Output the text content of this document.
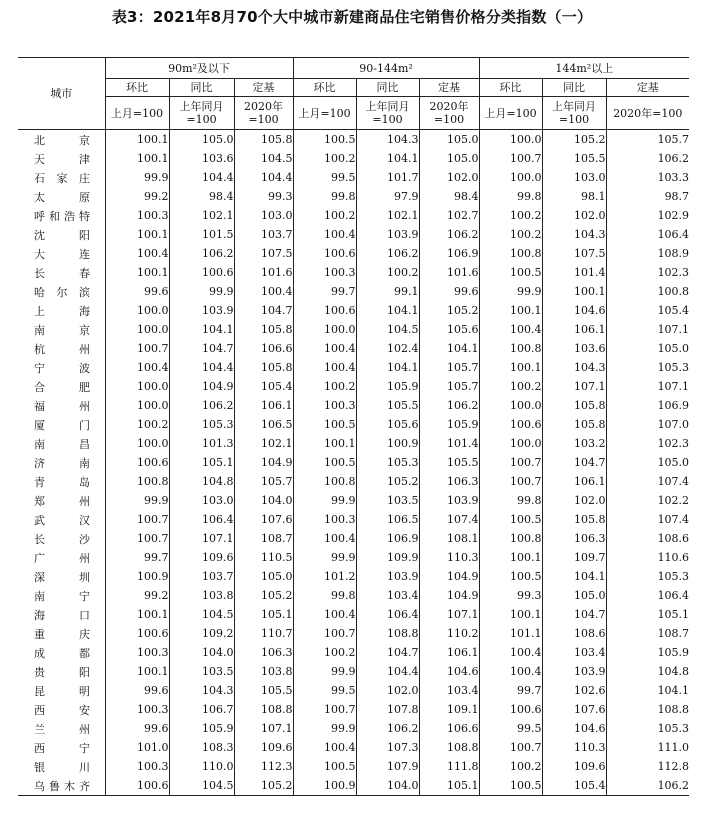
表3：2021年8月70个大中城市新建商品住宅销售价格分类指数（一）
城市	90m²及以下			90-144m²			144m²以上		
	环比	同比	定基	环比	同比	定基	环比	同比	定基
	上月=100	上年同月=100	2020年=100	上月=100	上年同月=100	2020年=100	上月=100	上年同月=100	2020年=100
北京	100.1	105.0	105.8	100.5	104.3	105.0	100.0	105.2	105.7
天津	100.1	103.6	104.5	100.2	104.1	105.0	100.7	105.5	106.2
石家庄	99.9	104.4	104.4	99.5	101.7	102.0	100.0	103.0	103.3
太原	99.2	98.4	99.3	99.8	97.9	98.4	99.8	98.1	98.7
呼和浩特	100.3	102.1	103.0	100.2	102.1	102.7	100.2	102.0	102.9
沈阳	100.1	101.5	103.7	100.4	103.9	106.2	100.2	104.3	106.4
大连	100.4	106.2	107.5	100.6	106.2	106.9	100.8	107.5	108.9
长春	100.1	100.6	101.6	100.3	100.2	101.6	100.5	101.4	102.3
哈尔滨	99.6	99.9	100.4	99.7	99.1	99.6	99.9	100.1	100.8
上海	100.0	103.9	104.7	100.6	104.1	105.2	100.1	104.6	105.4
南京	100.0	104.1	105.8	100.0	104.5	105.6	100.4	106.1	107.1
杭州	100.7	104.7	106.6	100.4	102.4	104.1	100.8	103.6	105.0
宁波	100.4	104.4	105.8	100.4	104.1	105.7	100.1	104.3	105.3
合肥	100.0	104.9	105.4	100.2	105.9	105.7	100.2	107.1	107.1
福州	100.0	106.2	106.1	100.3	105.5	106.2	100.0	105.8	106.9
厦门	100.2	105.3	106.5	100.5	105.6	105.9	100.6	105.8	107.0
南昌	100.0	101.3	102.1	100.1	100.9	101.4	100.0	103.2	102.3
济南	100.6	105.1	104.9	100.5	105.3	105.5	100.7	104.7	105.0
青岛	100.8	104.8	105.7	100.8	105.2	106.3	100.7	106.1	107.4
郑州	99.9	103.0	104.0	99.9	103.5	103.9	99.8	102.0	102.2
武汉	100.7	106.4	107.6	100.3	106.5	107.4	100.5	105.8	107.4
长沙	100.7	107.1	108.7	100.4	106.9	108.1	100.8	106.3	108.6
广州	99.7	109.6	110.5	99.9	109.9	110.3	100.1	109.7	110.6
深圳	100.9	103.7	105.0	101.2	103.9	104.9	100.5	104.1	105.3
南宁	99.2	103.8	105.2	99.8	103.4	104.9	99.3	105.0	106.4
海口	100.1	104.5	105.1	100.4	106.4	107.1	100.1	104.7	105.1
重庆	100.6	109.2	110.7	100.7	108.8	110.2	101.1	108.6	108.7
成都	100.3	104.0	106.3	100.2	104.7	106.1	100.4	103.4	105.9
贵阳	100.1	103.5	103.8	99.9	104.4	104.6	100.4	103.9	104.8
昆明	99.6	104.3	105.5	99.5	102.0	103.4	99.7	102.6	104.1
西安	100.3	106.7	108.8	100.7	107.8	109.1	100.6	107.6	108.8
兰州	99.6	105.9	107.1	99.9	106.2	106.6	99.5	104.6	105.3
西宁	101.0	108.3	109.6	100.4	107.3	108.8	100.7	110.3	111.0
银川	100.3	110.0	112.3	100.5	107.9	111.8	100.2	109.6	112.8
乌鲁木齐	100.6	104.5	105.2	100.9	104.0	105.1	100.5	105.4	106.2
